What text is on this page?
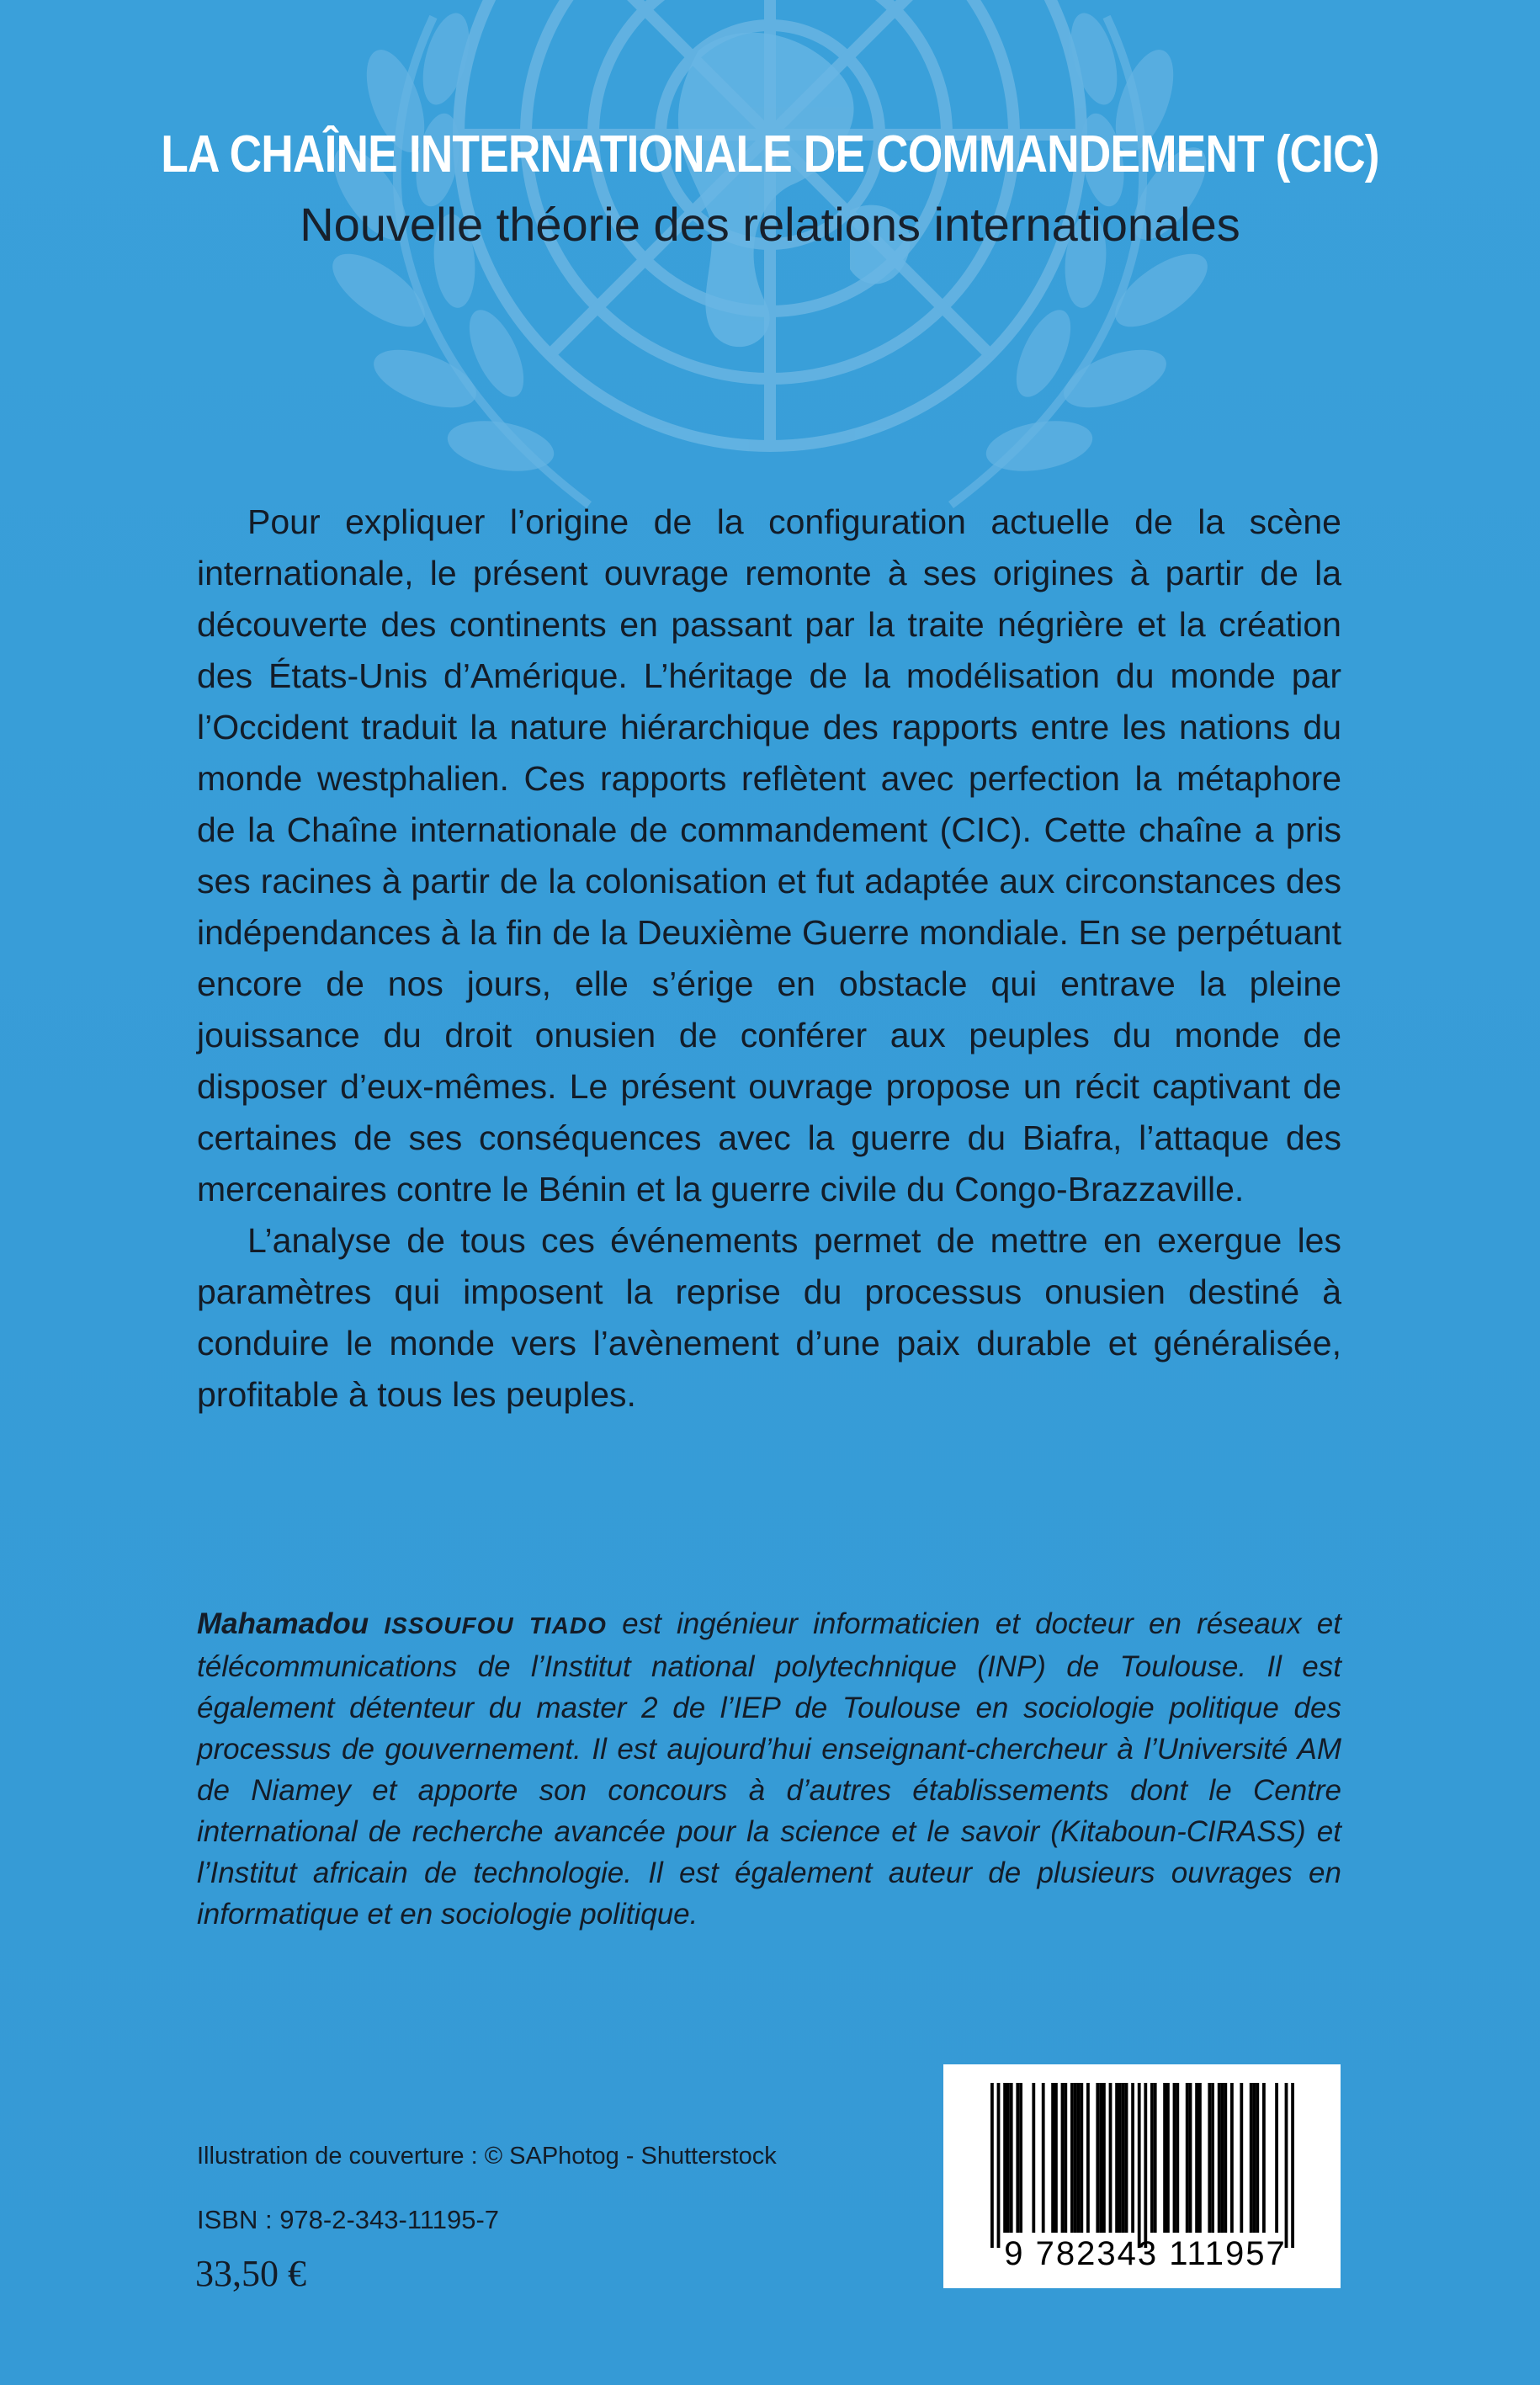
LA CHAÎNE INTERNATIONALE DE COMMANDEMENT (CIC)
Nouvelle théorie des relations internationales

Pour expliquer l’origine de la configuration actuelle de la scène internationale, le présent ouvrage remonte à ses origines à partir de la découverte des continents en passant par la traite négrière et la création des États-Unis d’Amérique. L’héritage de la modélisation du monde par l’Occident traduit la nature hiérarchique des rapports entre les nations du monde westphalien. Ces rapports reflètent avec perfection la métaphore de la Chaîne internationale de commandement (CIC). Cette chaîne a pris ses racines à partir de la colonisation et fut adaptée aux circonstances des indépendances à la fin de la Deuxième Guerre mondiale. En se perpétuant encore de nos jours, elle s’érige en obstacle qui entrave la pleine jouissance du droit onusien de conférer aux peuples du monde de disposer d’eux-mêmes. Le présent ouvrage propose un récit captivant de certaines de ses conséquences avec la guerre du Biafra, l’attaque des mercenaires contre le Bénin et la guerre civile du Congo-Brazzaville.

L’analyse de tous ces événements permet de mettre en exergue les paramètres qui imposent la reprise du processus onusien destiné à conduire le monde vers l’avènement d’une paix durable et généralisée, profitable à tous les peuples.

Mahamadou ISSOUFOU TIADO est ingénieur informaticien et docteur en réseaux et télécommunications de l’Institut national polytechnique (INP) de Toulouse. Il est également détenteur du master 2 de l’IEP de Toulouse en sociologie politique des processus de gouvernement. Il est aujourd’hui enseignant-chercheur à l’Université AM de Niamey et apporte son concours à d’autres établissements dont le Centre international de recherche avancée pour la science et le savoir (Kitaboun-CIRASS) et l’Institut africain de technologie. Il est également auteur de plusieurs ouvrages en informatique et en sociologie politique.
Illustration de couverture : © SAPhotog - Shutterstock
ISBN : 978-2-343-11195-7
33,50 €	9 782343 111957
